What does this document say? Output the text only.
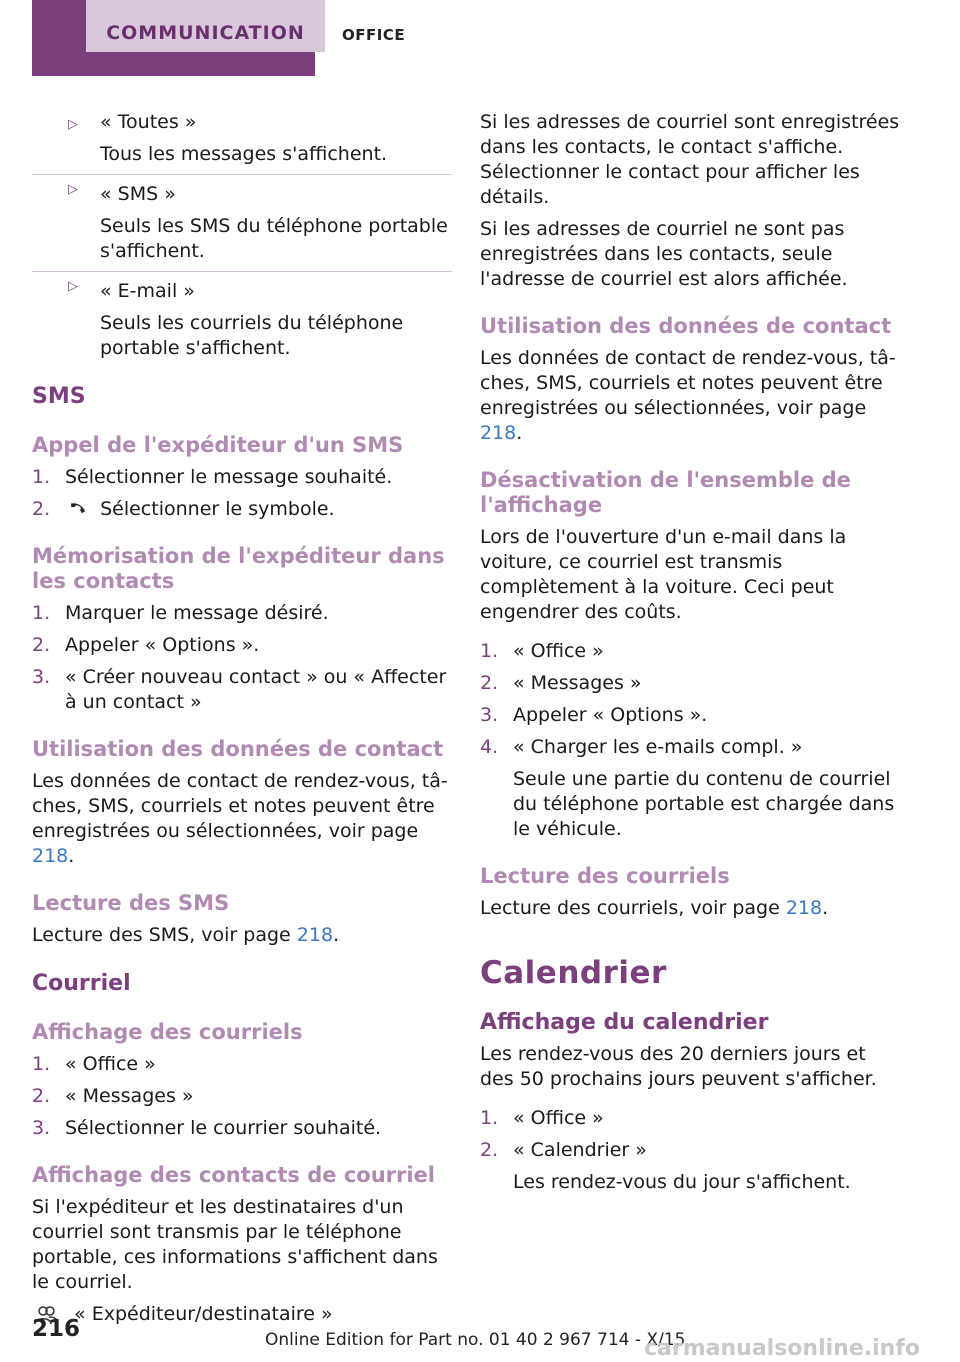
COMMUNICATION	OFFICE
▷ « Toutes »
Tous les messages s'affichent.
▷ « SMS »
Seuls les SMS du téléphone portable s'affichent.
▷ « E-mail »
Seuls les courriels du téléphone portable s'affichent.
SMS
Appel de l'expéditeur d'un SMS
1. Sélectionner le message souhaité.
2.	Sélectionner le symbole.
Mémorisation de l'expéditeur dans les contacts
1. Marquer le message désiré.
2. Appeler « Options ».
3. « Créer nouveau contact » ou « Affecter à un contact »
Utilisation des données de contact

Les données de contact de rendez-vous, tâches, SMS, courriels et notes peuvent être enregistrées ou sélectionnées, voir page 218.

Lecture des SMS

Lecture des SMS, voir page 218.

Courriel
Affichage des courriels
1. « Office »
2. « Messages »
3. Sélectionner le courrier souhaité.
Affichage des contacts de courriel

Si l'expéditeur et les destinataires d'un courriel sont transmis par le téléphone portable, ces informations s'affichent dans le courriel.

« Expéditeur/destinataire »

Si les adresses de courriel sont enregistrées dans les contacts, le contact s'affiche. Sélectionner le contact pour afficher les détails.

Si les adresses de courriel ne sont pas enregistrées dans les contacts, seule l'adresse de courriel est alors affichée.

Utilisation des données de contact

Les données de contact de rendez-vous, tâches, SMS, courriels et notes peuvent être enregistrées ou sélectionnées, voir page 218.

Désactivation de l'ensemble de l'affichage

Lors de l'ouverture d'un e-mail dans la voiture, ce courriel est transmis complètement à la voiture. Ceci peut engendrer des coûts.

1. « Office »
2. « Messages »
3. Appeler « Options ».
4. « Charger les e-mails compl. »
Seule une partie du contenu de courriel du téléphone portable est chargée dans le véhicule.
Lecture des courriels

Lecture des courriels, voir page 218.

Calendrier
Affichage du calendrier

Les rendez-vous des 20 derniers jours et des 50 prochains jours peuvent s'afficher.

1. « Office »
2. « Calendrier »
Les rendez-vous du jour s'affichent.
216	Online Edition for Part no. 01 40 2 967 714 - X/15
carmanualsonline.info
